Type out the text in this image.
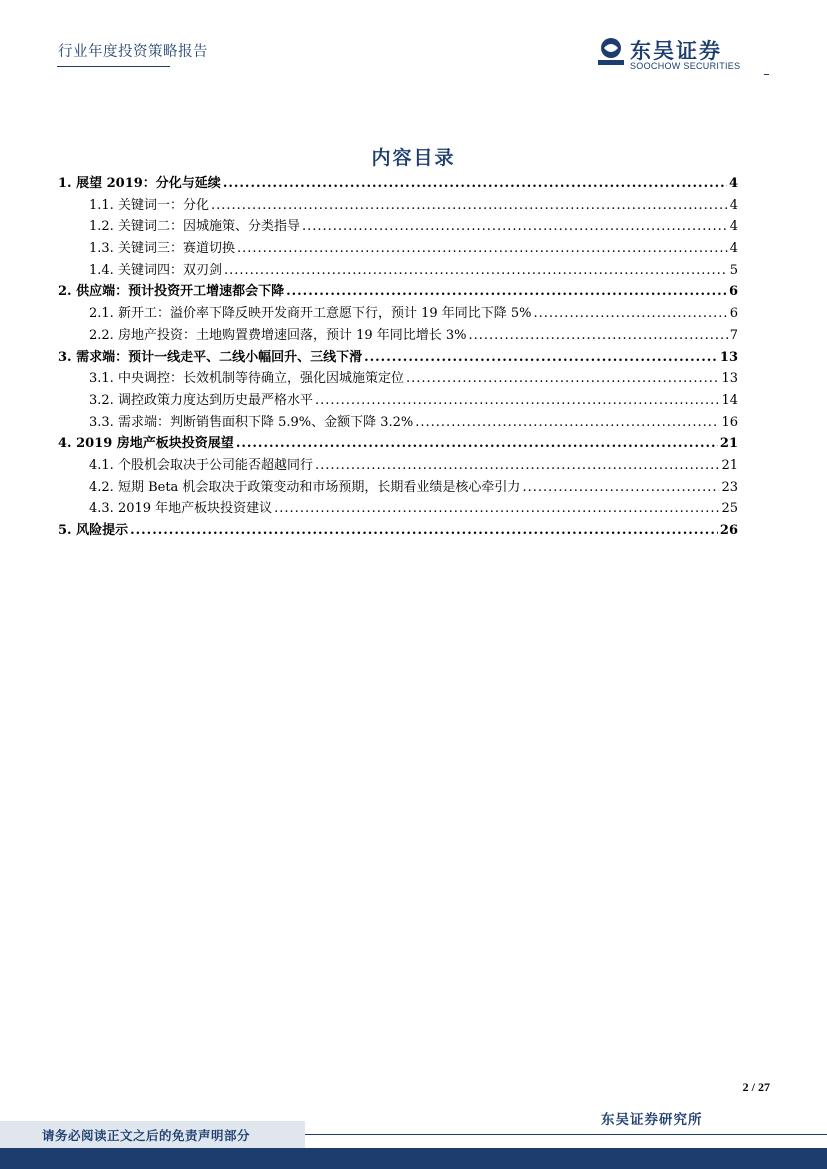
行业年度投资策略报告	东吴证券
SOOCHOW SECURITIES
内容目录
1. 展望 2019：分化与延续 .....	4
1.1. 关键词一：分化 .....	4
1.2. 关键词二：因城施策、分类指导 .....	4
1.3. 关键词三：赛道切换 .....	4
1.4. 关键词四：双刃剑 .....	5
2. 供应端：预计投资开工增速都会下降 .....	6
2.1. 新开工：溢价率下降反映开发商开工意愿下行，预计 19 年同比下降 5% .....	6
2.2. 房地产投资：土地购置费增速回落，预计 19 年同比增长 3% .....	7
3. 需求端：预计一线走平、二线小幅回升、三线下滑 .....	13
3.1. 中央调控：长效机制等待确立，强化因城施策定位 .....	13
3.2. 调控政策力度达到历史最严格水平 .....	14
3.3. 需求端：判断销售面积下降 5.9%、金额下降 3.2% .....	16
4. 2019 房地产板块投资展望 .....	21
4.1. 个股机会取决于公司能否超越同行 .....	21
4.2. 短期 Beta 机会取决于政策变动和市场预期，长期看业绩是核心牵引力 .....	23
4.3. 2019 年地产板块投资建议 .....	25
5. 风险提示 .....	26
2 / 27
请务必阅读正文之后的免责声明部分
东吴证券研究所
